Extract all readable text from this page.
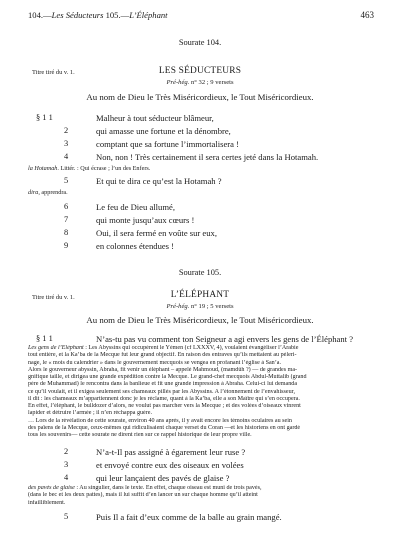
104.—Les Séducteurs 105.—L’Éléphant	463
Sourate 104.
Titre tiré du v. 1.	LES SÉDUCTEURS
Pré-hég. n° 32 ; 9 versets
Au nom de Dieu le Très Miséricordieux, le Tout Miséricordieux.
§ 1 1	Malheur à tout séducteur blâmeur,
2	qui amasse une fortune et la dénombre,
3	comptant que sa fortune l’immortalisera !
4	Non, non ! Très certainement il sera certes jeté dans la Hotamah.
la Hotamah. Littér. : Qui écrase ; l’un des Enfers.
5	Et qui te dira ce qu’est la Hotamah ?
dira, apprendra.
6	Le feu de Dieu allumé,
7	qui monte jusqu’aux cœurs !
8	Oui, il sera fermé en voûte sur eux,
9	en colonnes étendues !
Sourate 105.
Titre tiré du v. 1.	L’ÉLÉPHANT
Pré-hég. n° 19 ; 5 versets
Au nom de Dieu le Très Miséricordieux, le Tout Miséricordieux.
§ 1 1	N’as-tu pas vu comment ton Seigneur a agi envers les gens de l’Éléphant ?
Les gens de l’Éléphant : Les Abyssins qui occupèrent le Yémen (cf LXXXV, 4), voulaient évangéliser l’Arabie
tout entière, et la Ka’ba de la Mecque fut leur grand objectif. En raison des entraves qu’ils mettaient au pèleri-
nage, le « mois du calendrier » dans le gouvernement mecquois se vengea en profanant l’église à San’a.
Alors le gouverneur abyssin, Abraha, fit venir un éléphant – appelé Mahmoud, (mamdûh ?) — de grandes ma-
gnifique taille, et dirigea une grande expédition contre la Mecque. Le grand-chef mecquois Abdul-Muttalib (grand
père de Muhammad) le rencontra dans la banlieue et fit une grande impression à Abraha. Celui-ci lui demanda
ce qu’il voulait, et il exigea seulement ses chameaux pillés par les Abyssins. A l’étonnement de l’envahisseur,
il dit : les chameaux m’appartiennent donc je les réclame, quant à la Ka’ba, elle a son Maître qui s’en occupera.
En effet, l’éléphant, le bulldozer d’alors, ne voulut pas marcher vers la Mecque ; et des volées d’oiseaux vinrent
lapider et détruire l’armée ; il n’en réchappa guère.
… Lors de la révélation de cette sourate, environ 40 ans après, il y avait encore les témoins oculaires au sein
des païens de la Mecque, ceux-mêmes qui ridiculisaient chaque verset du Coran —et les historiens en ont gardé
tous les souvenirs— cette sourate ne dirent rien sur ce rappel historique de leur propre ville.
2	N’a-t-Il pas assigné à égarement leur ruse ?
3	et envoyé contre eux des oiseaux en volées
4	qui leur lançaient des pavés de glaise ?
des pavés de glaise : Au singulier, dans le texte. En effet, chaque oiseau est muni de trois pavés,
(dans le bec et les deux pattes), mais il lui suffit d’en lancer un sur chaque homme qu’il atteint
infailliblement.
5	Puis Il a fait d’eux comme de la balle au grain mangé.
